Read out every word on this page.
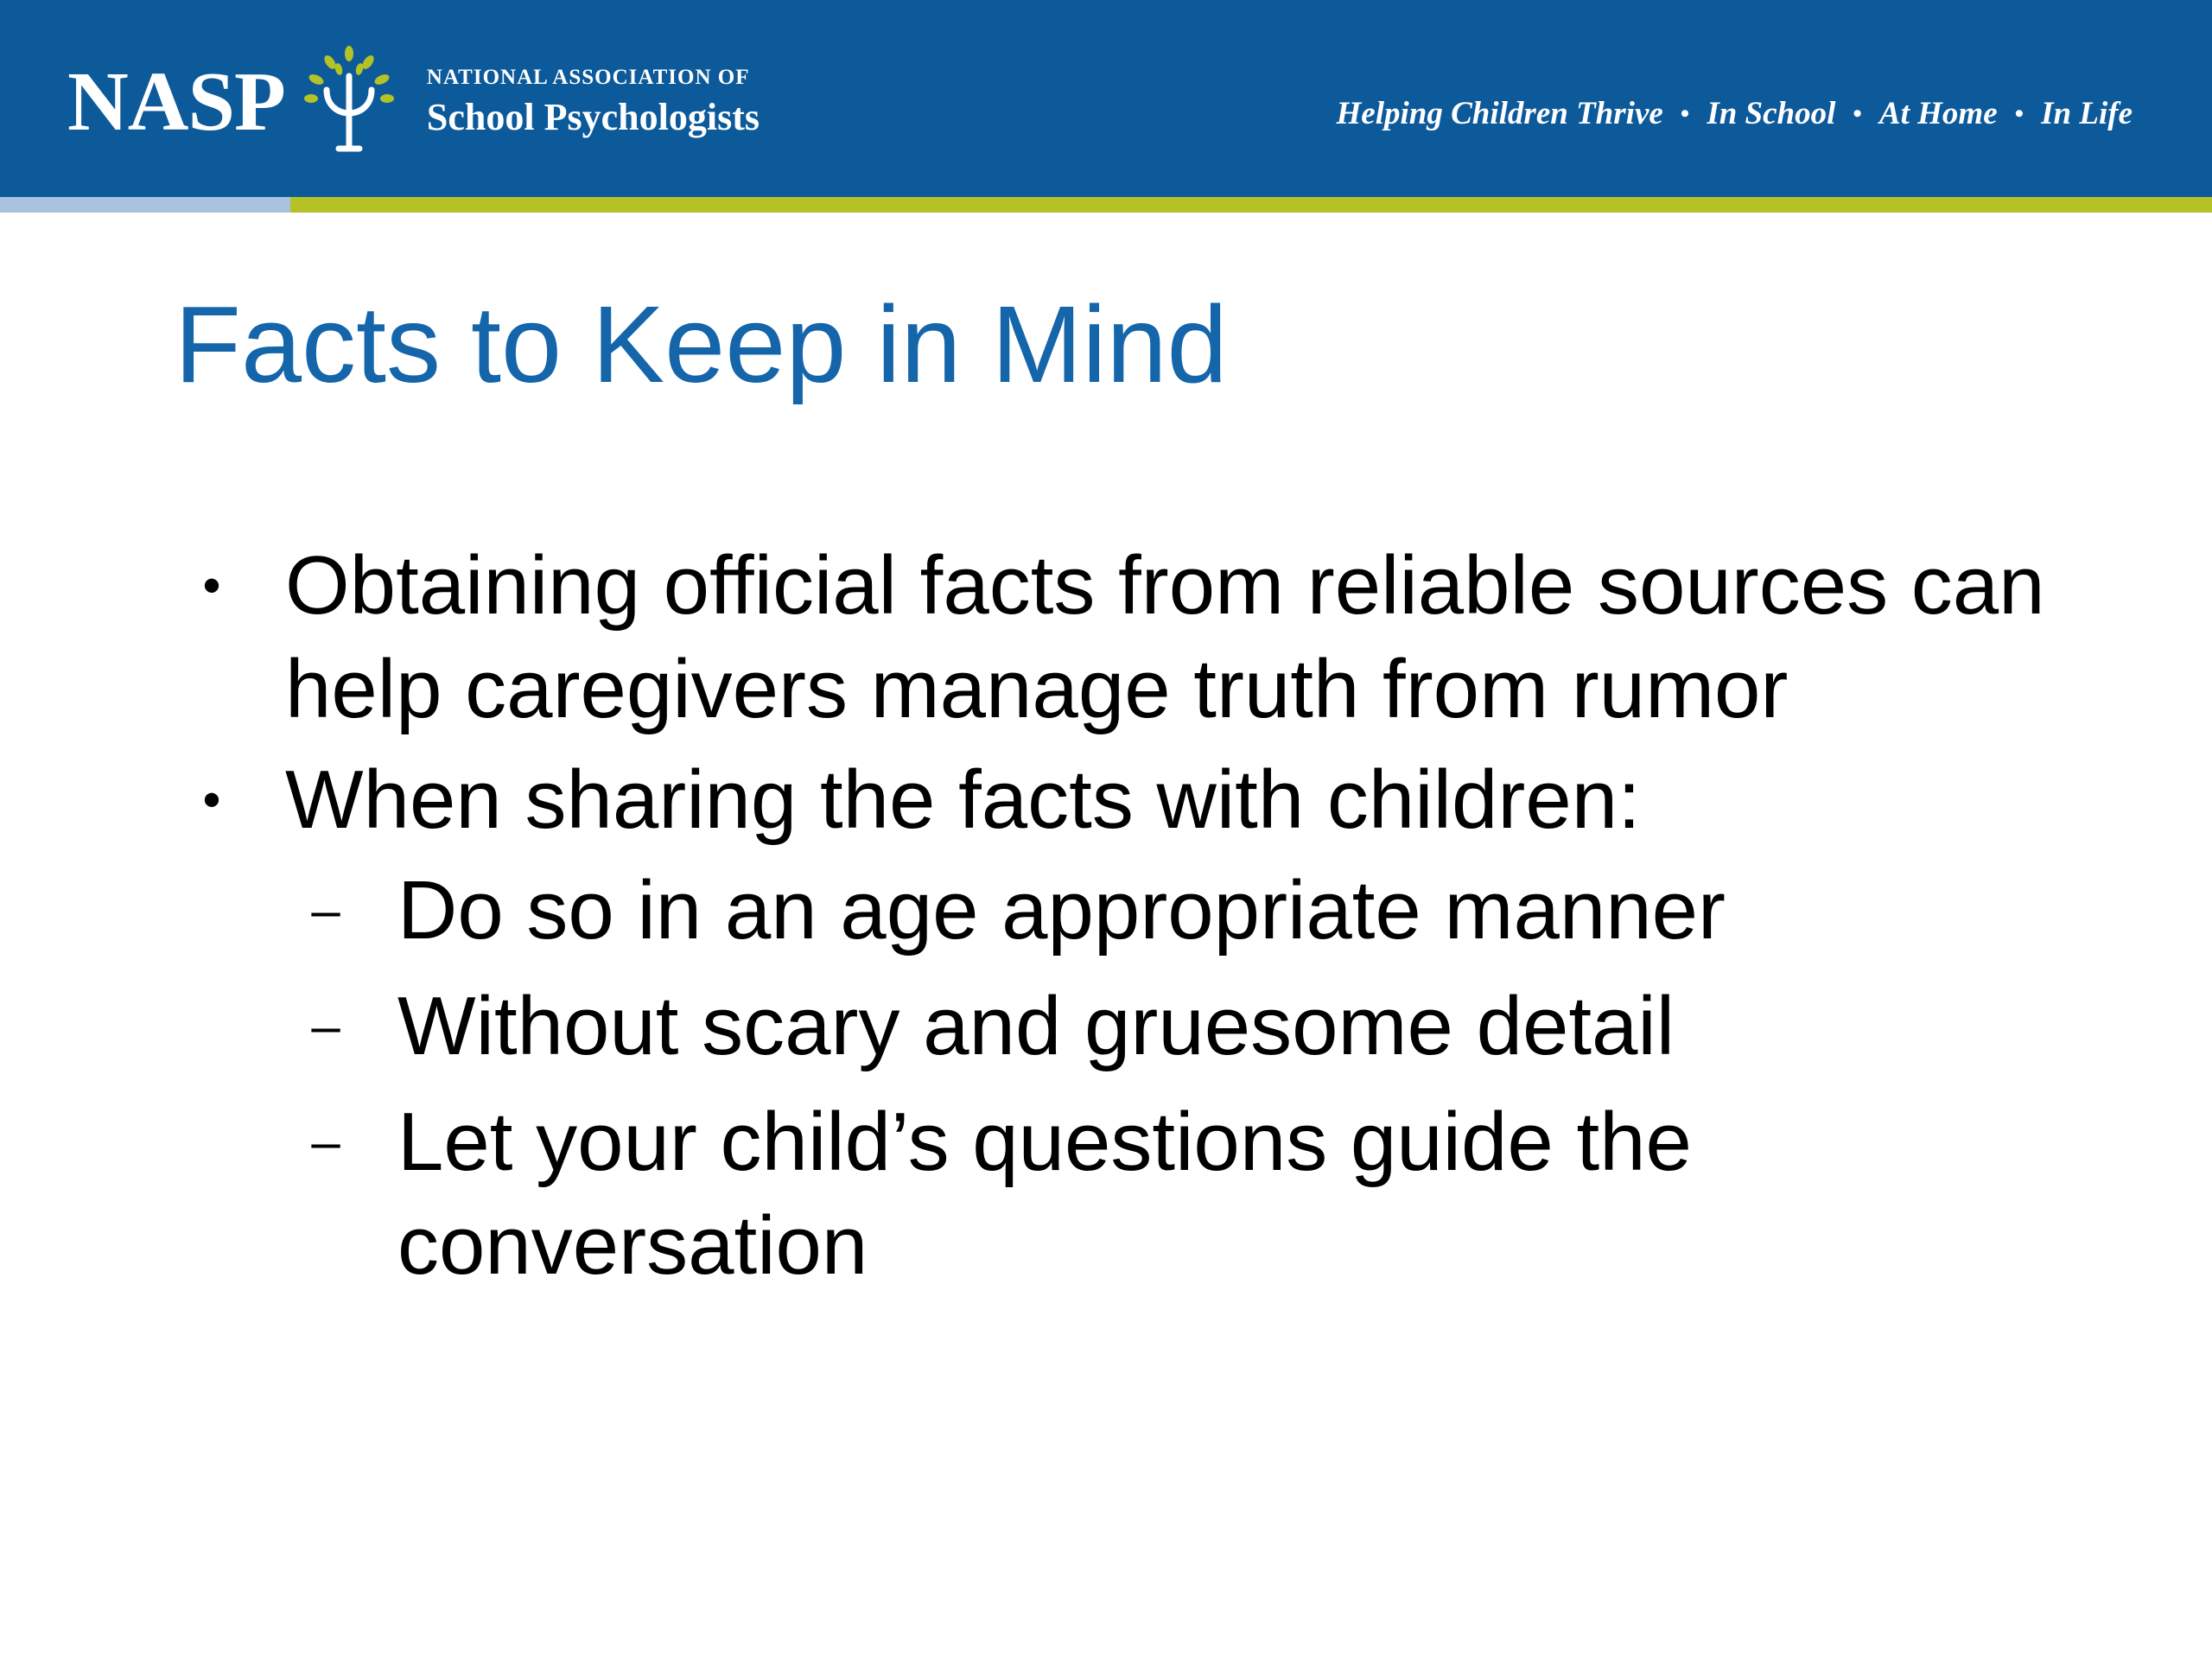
NASP	NATIONAL ASSOCIATION OF
School Psychologists	Helping Children Thrive • In School • At Home • In Life
Facts to Keep in Mind
• Obtaining official facts from reliable sources can help caregivers manage truth from rumor
• When sharing the facts with children:
– Do so in an age appropriate manner
– Without scary and gruesome detail
– Let your child’s questions guide the conversation
